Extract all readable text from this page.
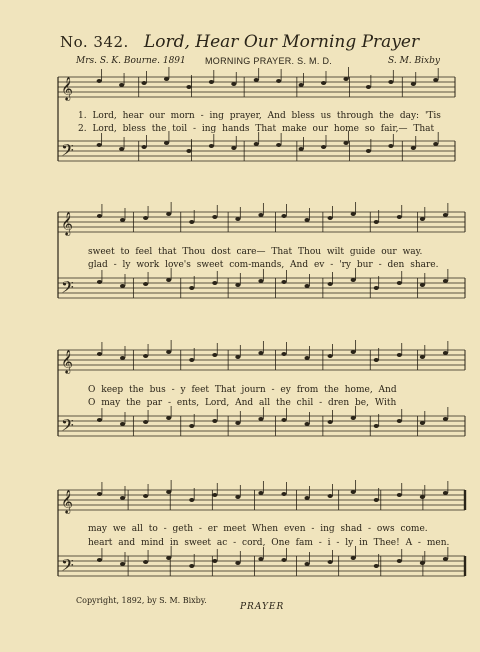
No. 342. Lord, Hear Our Morning Prayer
Mrs. S. K. Bourne. 1891 MORNING PRAYER. S. M. D.	S. M. Bixby
𝄞
𝄢
𝄞
𝄢
𝄞
𝄢
𝄞
𝄢
1. Lord, hear our morn - ing prayer, And bless us through the day: 'Tis
2. Lord, bless the toil - ing hands That make our home so fair,— That
sweet to feel that Thou dost care— That Thou wilt guide our way.
glad - ly work love's sweet com-mands, And ev - 'ry bur - den share.
O keep the bus - y feet That journ - ey from the home, And
O may the par - ents, Lord, And all the chil - dren be, With
may we all to - geth - er meet When even - ing shad - ows come.
heart and mind in sweet ac - cord, One fam - i - ly in Thee! A - men.
Copyright, 1892, by S. M. Bixby.
PRAYER
